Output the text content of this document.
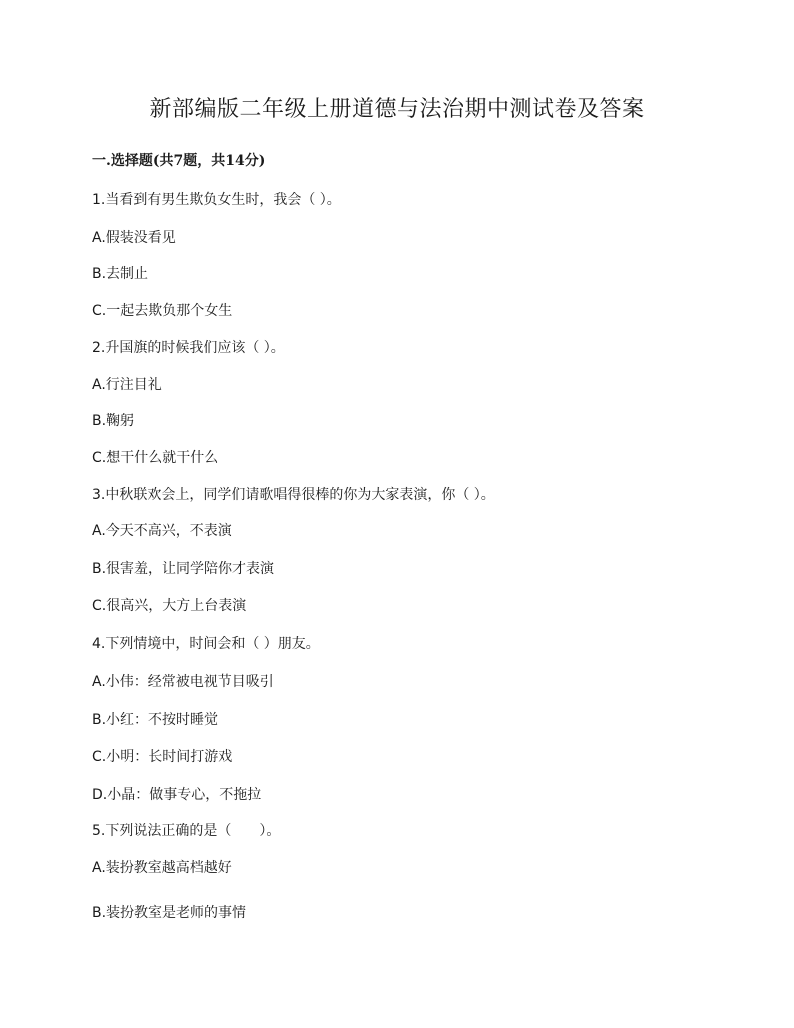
新部编版二年级上册道德与法治期中测试卷及答案
一.选择题(共7题，共14分)
1.当看到有男生欺负女生时，我会（ ）。
A.假装没看见
B.去制止
C.一起去欺负那个女生
2.升国旗的时候我们应该（ ）。
A.行注目礼
B.鞠躬
C.想干什么就干什么
3.中秋联欢会上，同学们请歌唱得很棒的你为大家表演，你（ ）。
A.今天不高兴，不表演
B.很害羞，让同学陪你才表演
C.很高兴，大方上台表演
4.下列情境中，时间会和（ ）朋友。
A.小伟：经常被电视节目吸引
B.小红：不按时睡觉
C.小明：长时间打游戏
D.小晶：做事专心，不拖拉
5.下列说法正确的是（　　）。
A.装扮教室越高档越好
B.装扮教室是老师的事情
